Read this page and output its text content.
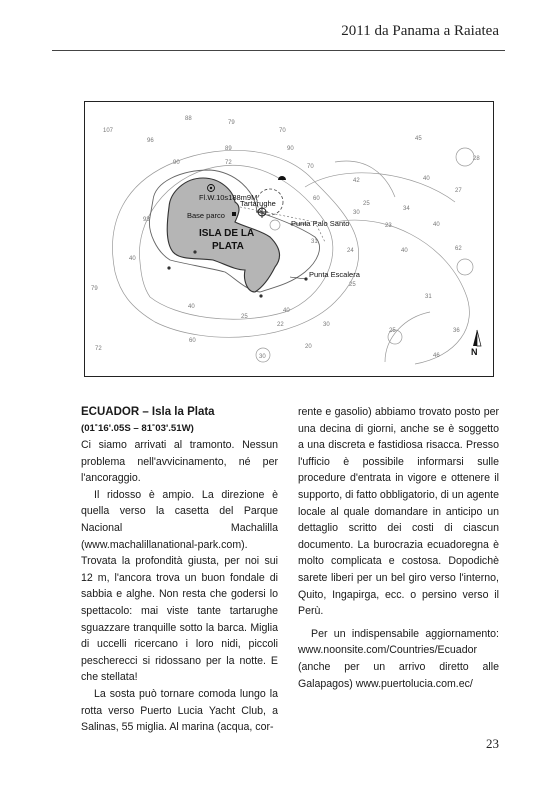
2011 da Panama a Raiatea
N
Fl.W.10s188m9M
Tartarughe
Base parco
Punta Palo Santo
Punta Escalera
ISLA DE LA
PLATA
107
88
79
96
89
70
45
28
90
90
72
70
42	40
27
25
93
60
30
34
23	40
40
24
31
40	62
25
79
40
25
40
22	30
31
25	36
72
60
20
30	46
ECUADOR – Isla la Plata
(01˚16'.05S – 81˚03'.51W)

Ci siamo arrivati al tramonto. Nessun problema nell'avvicinamento, né per l'ancoraggio.

Il ridosso è ampio. La direzione è quella verso la casetta del Parque Nacional Machalilla (www.machalillanational-park.com). Trovata la profondità giusta, per noi sui 12 m, l'ancora trova un buon fondale di sabbia e alghe. Non resta che godersi lo spettacolo: mai viste tante tartarughe sguazzare tranquille sotto la barca. Miglia di uccelli ricercano i loro nidi, piccoli pescherecci si ridossano per la notte. E che stellata!

La sosta può tornare comoda lungo la rotta verso Puerto Lucia Yacht Club, a Salinas, 55 miglia. Al marina (acqua, cor-

rente e gasolio) abbiamo trovato posto per una decina di giorni, anche se è soggetto a una discreta e fastidiosa risacca. Presso l'ufficio è possibile informarsi sulle procedure d'entrata in vigore e ottenere il supporto, di fatto obbligatorio, di un agente locale al quale domandare in anticipo un dettaglio scritto dei costi di ciascun documento. La burocrazia ecuadoregna è molto complicata e costosa. Dopodichè sarete liberi per un bel giro verso l'interno, Quito, Ingapirga, ecc. o persino verso il Perù.

Per un indispensabile aggiornamento: www.noonsite.com/Countries/Ecuador (anche per un arrivo diretto alle Galapagos) www.puertolucia.com.ec/

23
